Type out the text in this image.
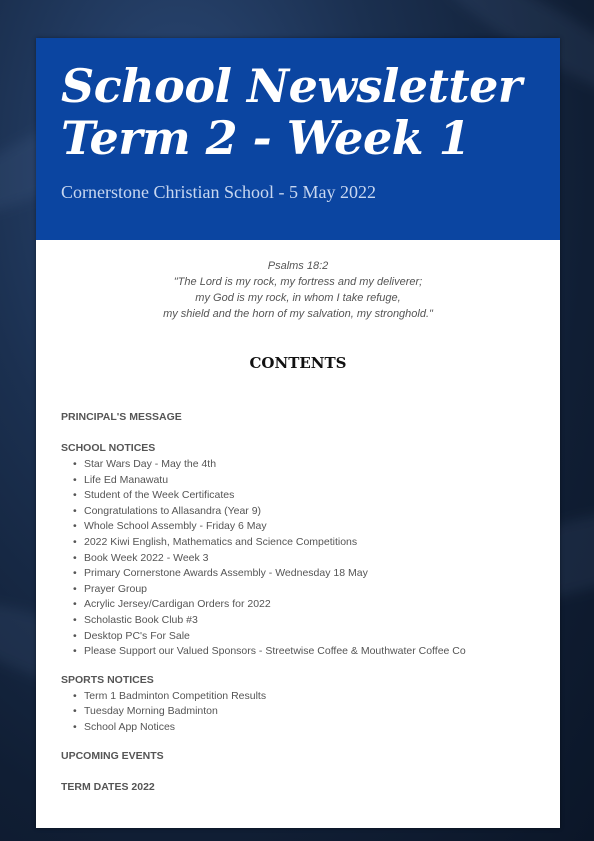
School Newsletter
Term 2 - Week 1

Cornerstone Christian School - 5 May 2022

Psalms 18:2
"The Lord is my rock, my fortress and my deliverer;
my God is my rock, in whom I take refuge,
my shield and the horn of my salvation, my stronghold."

CONTENTS

PRINCIPAL'S MESSAGE

SCHOOL NOTICES

• Star Wars Day - May the 4th
• Life Ed Manawatu
• Student of the Week Certificates
• Congratulations to Allasandra (Year 9)
• Whole School Assembly - Friday 6 May
• 2022 Kiwi English, Mathematics and Science Competitions
• Book Week 2022 - Week 3
• Primary Cornerstone Awards Assembly - Wednesday 18 May
• Prayer Group
• Acrylic Jersey/Cardigan Orders for 2022
• Scholastic Book Club #3
• Desktop PC's For Sale
• Please Support our Valued Sponsors - Streetwise Coffee & Mouthwater Coffee Co

SPORTS NOTICES

• Term 1 Badminton Competition Results
• Tuesday Morning Badminton
• School App Notices

UPCOMING EVENTS

TERM DATES 2022
